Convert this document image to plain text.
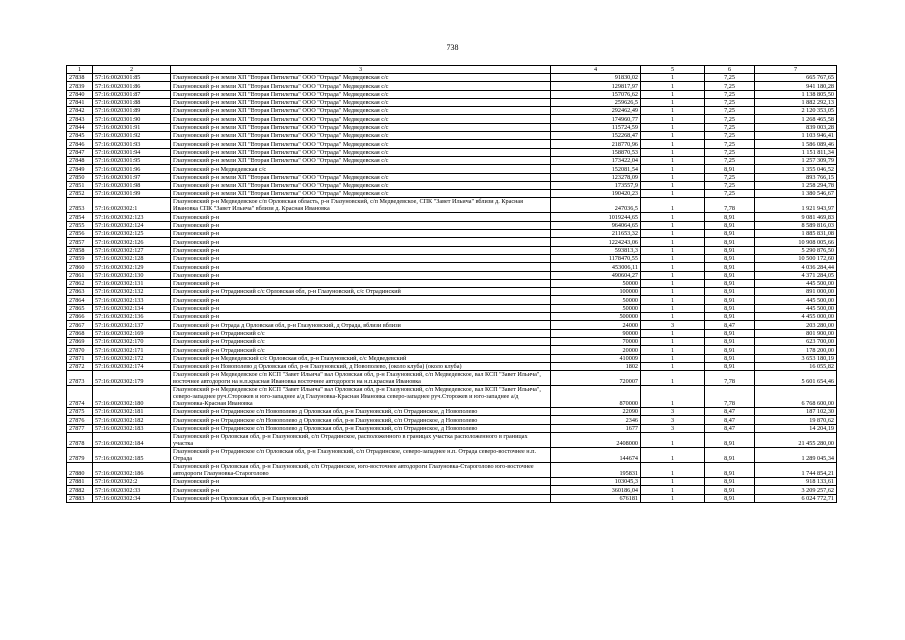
738
1	2	3	4	5	6	7
27838	57:16:0020301:85	Глазуновский р-н земли ХП "Вторая Пятилетка" ООО "Отрада" Медведевская с/с	91830,02	1	7,25	665 767,65
27839	57:16:0020301:86	Глазуновский р-н земли ХП "Вторая Пятилетка" ООО "Отрада" Медведевская с/с	129817,97	1	7,25	941 180,28
27840	57:16:0020301:87	Глазуновский р-н земли ХП "Вторая Пятилетка" ООО "Отрада" Медведевская с/с	157076,62	1	7,25	1 138 805,50
27841	57:16:0020301:88	Глазуновский р-н земли ХП "Вторая Пятилетка" ООО "Отрада" Медведевская с/с	259626,5	1	7,25	1 882 292,13
27842	57:16:0020301:89	Глазуновский р-н земли ХП "Вторая Пятилетка" ООО "Отрада" Медведевская с/с	292462,49	1	7,25	2 120 353,05
27843	57:16:0020301:90	Глазуновский р-н земли ХП "Вторая Пятилетка" ООО "Отрада" Медведевская с/с	174960,77	1	7,25	1 268 465,58
27844	57:16:0020301:91	Глазуновский р-н земли ХП "Вторая Пятилетка" ООО "Отрада" Медведевская с/с	115724,59	1	7,25	839 003,28
27845	57:16:0020301:92	Глазуновский р-н земли ХП "Вторая Пятилетка" ООО "Отрада" Медведевская с/с	152268,47	1	7,25	1 103 946,41
27846	57:16:0020301:93	Глазуновский р-н земли ХП "Вторая Пятилетка" ООО "Отрада" Медведевская с/с	218770,96	1	7,25	1 586 089,46
27847	57:16:0020301:94	Глазуновский р-н земли ХП "Вторая Пятилетка" ООО "Отрада" Медведевская с/с	158870,53	1	7,25	1 151 811,34
27848	57:16:0020301:95	Глазуновский р-н земли ХП "Вторая Пятилетка" ООО "Отрада" Медведевская с/с	173422,04	1	7,25	1 257 309,79
27849	57:16:0020301:96	Глазуновский р-н Медведевская с/с	152081,54	1	8,91	1 355 046,52
27850	57:16:0020301:97	Глазуновский р-н земли ХП "Вторая Пятилетка" ООО "Отрада" Медведевская с/с	123278,09	1	7,25	893 766,15
27851	57:16:0020301:98	Глазуновский р-н земли ХП "Вторая Пятилетка" ООО "Отрада" Медведевская с/с	173557,9	1	7,25	1 258 294,78
27852	57:16:0020301:99	Глазуновский р-н земли ХП "Вторая Пятилетка" ООО "Отрада" Медведевская с/с	190420,23	1	7,25	1 380 546,67
27853	57:16:0020302:1	Глазуновский р-н Медведевское с/п Орловская область, р-н Глазуновский, с/п Медведевское, СПК "Завет Ильича" вблизи д. Красная Ивановка СПК "Завет Ильича" вблизи д. Красная Ивановка	247036,5	1	7,78	1 921 943,97
27854	57:16:0020302:123	Глазуновский р-н	1019244,65	1	8,91	9 081 469,83
27855	57:16:0020302:124	Глазуновский р-н	964064,65	1	8,91	8 589 816,03
27856	57:16:0020302:125	Глазуновский р-н	211653,32	1	8,91	1 885 831,08
27857	57:16:0020302:126	Глазуновский р-н	1224243,06	1	8,91	10 908 005,66
27858	57:16:0020302:127	Глазуновский р-н	593813,3	1	8,91	5 290 876,50
27859	57:16:0020302:128	Глазуновский р-н	1178470,55	1	8,91	10 500 172,60
27860	57:16:0020302:129	Глазуновский р-н	453006,11	1	8,91	4 036 284,44
27861	57:16:0020302:130	Глазуновский р-н	490604,27	1	8,91	4 371 284,05
27862	57:16:0020302:131	Глазуновский р-н	50000	1	8,91	445 500,00
27863	57:16:0020302:132	Глазуновский р-н Отрадинский с/с Орловская обл, р-н Глазуновский, с/с Отрадинский	100000	1	8,91	891 000,00
27864	57:16:0020302:133	Глазуновский р-н	50000	1	8,91	445 500,00
27865	57:16:0020302:134	Глазуновский р-н	50000	1	8,91	445 500,00
27866	57:16:0020302:136	Глазуновский р-н	500000	1	8,91	4 455 000,00
27867	57:16:0020302:137	Глазуновский р-н Отрада д Орловская обл, р-н Глазуновский, д Отрада, вблизи вблизи	24000	3	8,47	203 280,00
27868	57:16:0020302:169	Глазуновский р-н Отрадинский с/с	90000	1	8,91	801 900,00
27869	57:16:0020302:170	Глазуновский р-н Отрадинский с/с	70000	1	8,91	623 700,00
27870	57:16:0020302:171	Глазуновский р-н Отрадинский с/с	20000	1	8,91	178 200,00
27871	57:16:0020302:172	Глазуновский р-н Медведевский с/с Орловская обл, р-н Глазуновский, с/с Медведевский	410009	1	8,91	3 653 180,19
27872	57:16:0020302:174	Глазуновский р-н Новополево д Орловская обл, р-н Глазуновский, д Новополево, (около клуба) (около клуба)	1802	1	8,91	16 055,82
27873	57:16:0020302:179	Глазуновский р-н Медведевское с/п КСП "Завет Ильича" вал Орловская обл, р-н Глазуновский, с/п Медведевское, вал КСП "Завет Ильича", восточнее автодороги на н.п.красная Ивановка восточнее автодороги на н.п.красная Ивановка	720007	1	7,78	5 601 654,46
27874	57:16:0020302:180	Глазуновский р-н Медведевское с/п КСП "Завет Ильича" вал Орловская обл, р-н Глазуновский, с/п Медведевское, вал КСП "Завет Ильича", северо-западнее руч.Сторожев и юго-западнее а/д Глазуновка-Красная Ивановка северо-западнее руч.Сторожев и юго-западнее а/д Глазуновка-Красная Ивановка	870000	1	7,78	6 768 600,00
27875	57:16:0020302:181	Глазуновский р-н Отрадинское с/п Новополево д Орловская обл, р-н Глазуновский, с/п Отрадинское, д Новополево	22090	3	8,47	187 102,30
27876	57:16:0020302:182	Глазуновский р-н Отрадинское с/п Новополево д Орловская обл, р-н Глазуновский, с/п Отрадинское, д Новополево	2346	3	8,47	19 870,62
27877	57:16:0020302:183	Глазуновский р-н Отрадинское с/п Новополево д Орловская обл, р-н Глазуновский, с/п Отрадинское, д Новополево	1677	3	8,47	14 204,19
27878	57:16:0020302:184	Глазуновский р-н Орловская обл, р-н Глазуновский, с/п Отрадинское, расположенного в границах участка расположенного в границах участка	2408000	1	8,91	21 455 280,00
27879	57:16:0020302:185	Глазуновский р-н Отрадинское с/п Орловская обл, р-н Глазуновский, с/п Отрадинское, северо-западнее н.п. Отрада северо-восточнее н.п. Отрада	144674	1	8,91	1 289 045,34
27880	57:16:0020302:186	Глазуновский р-н Орловская обл, р-н Глазуновский, с/п Отрадинское, юго-восточнее автодороги Глазуновка-Староголово юго-восточнее автодороги Глазуновка-Староголово	195831	1	8,91	1 744 854,21
27881	57:16:0020302:2	Глазуновский р-н	103045,3	1	8,91	918 133,61
27882	57:16:0020302:33	Глазуновский р-н	360186,04	1	8,91	3 209 257,62
27883	57:16:0020302:34	Глазуновский р-н Орловская обл, р-н Глазуновский	676181	1	8,91	6 024 772,71
